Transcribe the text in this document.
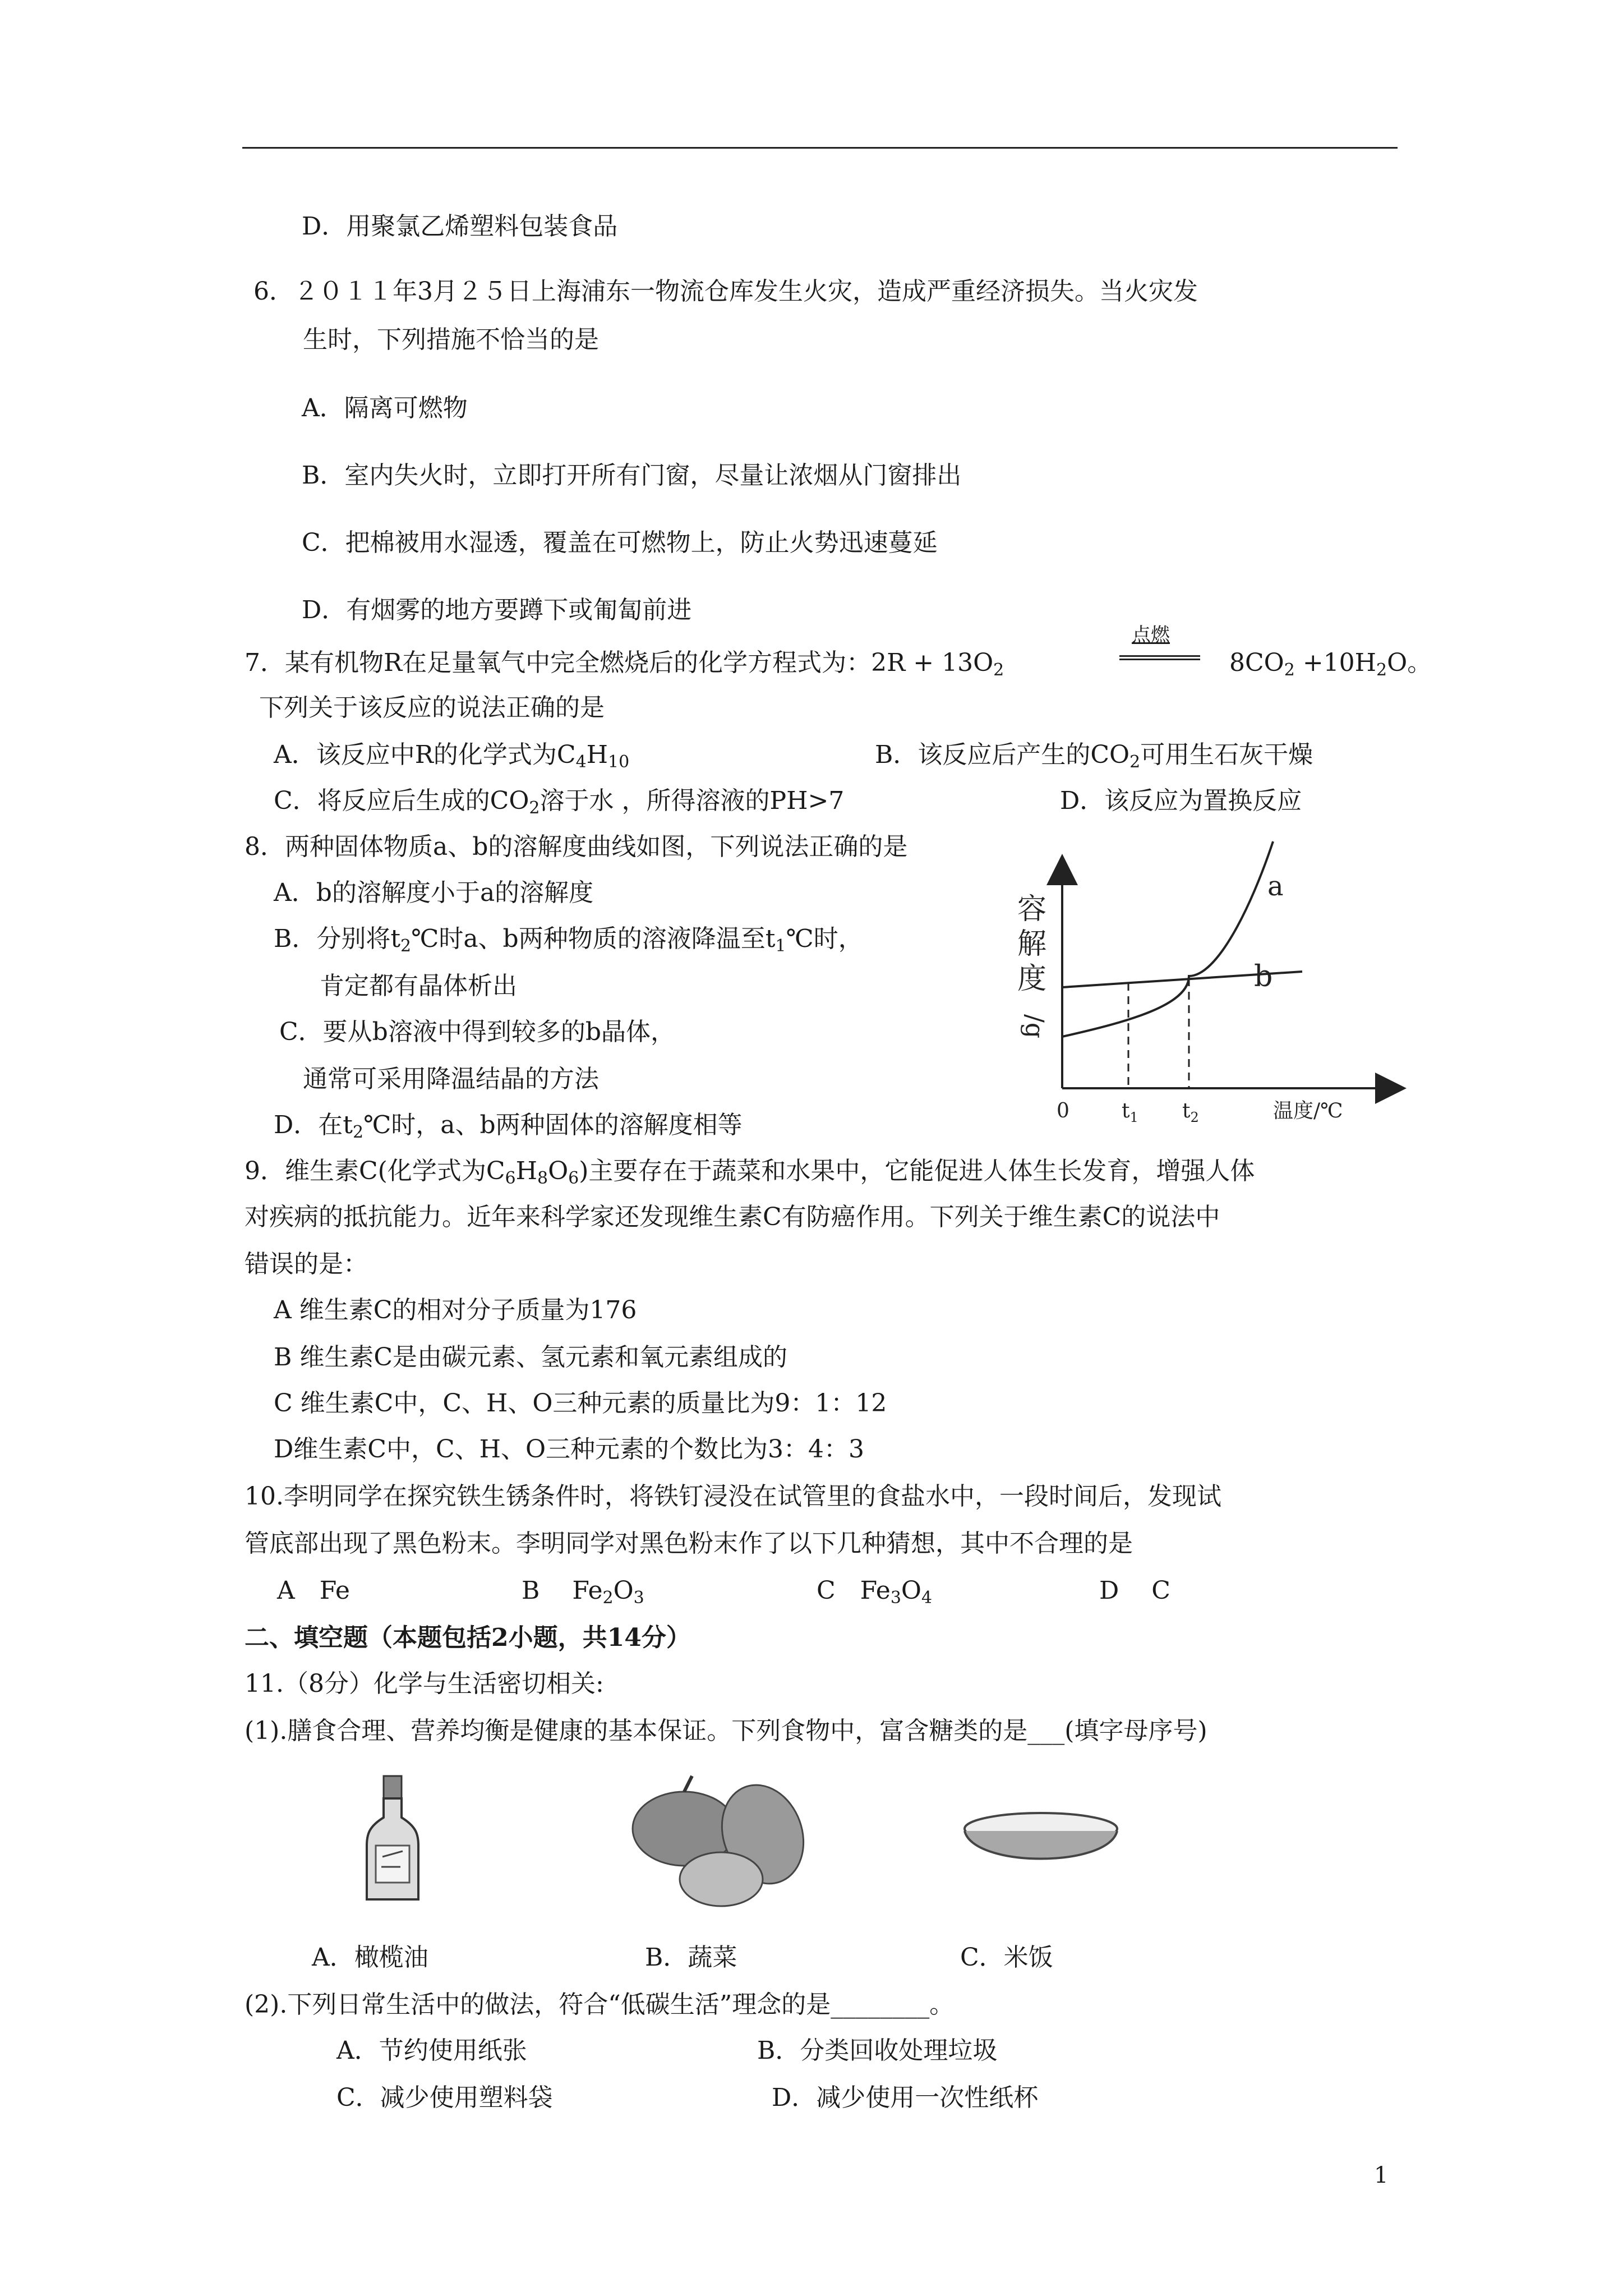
D．用聚氯乙烯塑料包装食品
6．２０１１年3月２５日上海浦东一物流仓库发生火灾，造成严重经济损失。当火灾发
生时，下列措施不恰当的是
A．隔离可燃物
B．室内失火时，立即打开所有门窗，尽量让浓烟从门窗排出
C．把棉被用水湿透，覆盖在可燃物上，防止火势迅速蔓延
D．有烟雾的地方要蹲下或匍匐前进
7．某有机物R在足量氧气中完全燃烧后的化学方程式为：$2R + 13O_2$
点燃
$8CO_2 +10H_2O$。
下列关于该反应的说法正确的是
A．该反应中R的化学式为$C_4H_{10}$	B．该反应后产生的$CO_2$可用生石灰干燥
C．将反应后生成的$CO_2$溶于水 ，所得溶液的PH>7	D．该反应为置换反应
8．两种固体物质a、b的溶解度曲线如图，下列说法正确的是
A．b的溶解度小于a的溶解度
B．分别将$t_2℃$时a、b两种物质的溶液降温至$t_1℃$时，
肯定都有晶体析出
C．要从b溶液中得到较多的b晶体，
通常可采用降温结晶的方法
D．在$t_2℃$时，a、b两种固体的溶解度相等
a
b
容
解
度
/g
0	$t_1$ $t_2$	温度/℃
9．维生素C(化学式为$C_6H_8O_6$)主要存在于蔬菜和水果中，它能促进人体生长发育，增强人体
对疾病的抵抗能力。近年来科学家还发现维生素C有防癌作用。下列关于维生素C的说法中
错误的是：
A 维生素C的相对分子质量为176
B 维生素C是由碳元素、氢元素和氧元素组成的
C 维生素C中，C、H、O三种元素的质量比为9：1：12
D维生素C中，C、H、O三种元素的个数比为3：4：3
10.李明同学在探究铁生锈条件时，将铁钉浸没在试管里的食盐水中，一段时间后，发现试
管底部出现了黑色粉末。李明同学对黑色粉末作了以下几种猜想，其中不合理的是
A　Fe	B　 $Fe_2O_3$	C　$Fe_3O_4$	D　 C
二、填空题（本题包括2小题，共14分）
11.（8分）化学与生活密切相关:
(1).膳食合理、营养均衡是健康的基本保证。下列食物中，富含糖类的是___(填字母序号)
A．橄榄油	B．蔬菜	C．米饭
(2).下列日常生活中的做法，符合“低碳生活”理念的是________。
A．节约使用纸张	B．分类回收处理垃圾
C．减少使用塑料袋	D．减少使用一次性纸杯
1
